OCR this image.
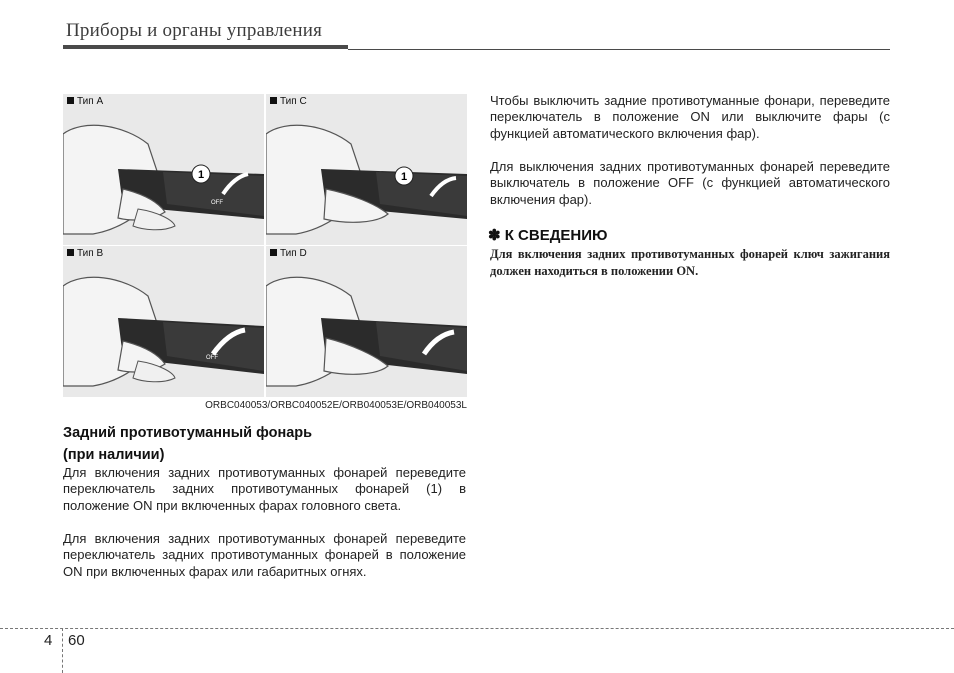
Приборы и органы управления
1
OFF
Тип A
1
Тип C
OFF
Тип B	Тип D
ORBC040053/ORBC040052E/ORB040053E/ORB040053L
Задний противотуманный фонарь
(при наличии)
Для включения задних противотуманных фонарей переведите переключатель задних противотуманных фонарей (1) в положение ON при включенных фарах головного света.
Для включения задних противотуманных фонарей переведите переключатель задних противотуманных фонарей в положение ON при включенных фарах или габаритных огнях.
Чтобы выключить задние противотуманные фонари, переведите переключатель в положение ON или выключите фары (с функцией автоматического включения фар).
Для выключения задних противотуманных фонарей переведите выключатель в положение OFF (с функцией автоматического включения фар).
✽ К СВЕДЕНИЮ
Для включения задних противотуманных фонарей ключ зажигания должен находиться в положении ON.
4 60
